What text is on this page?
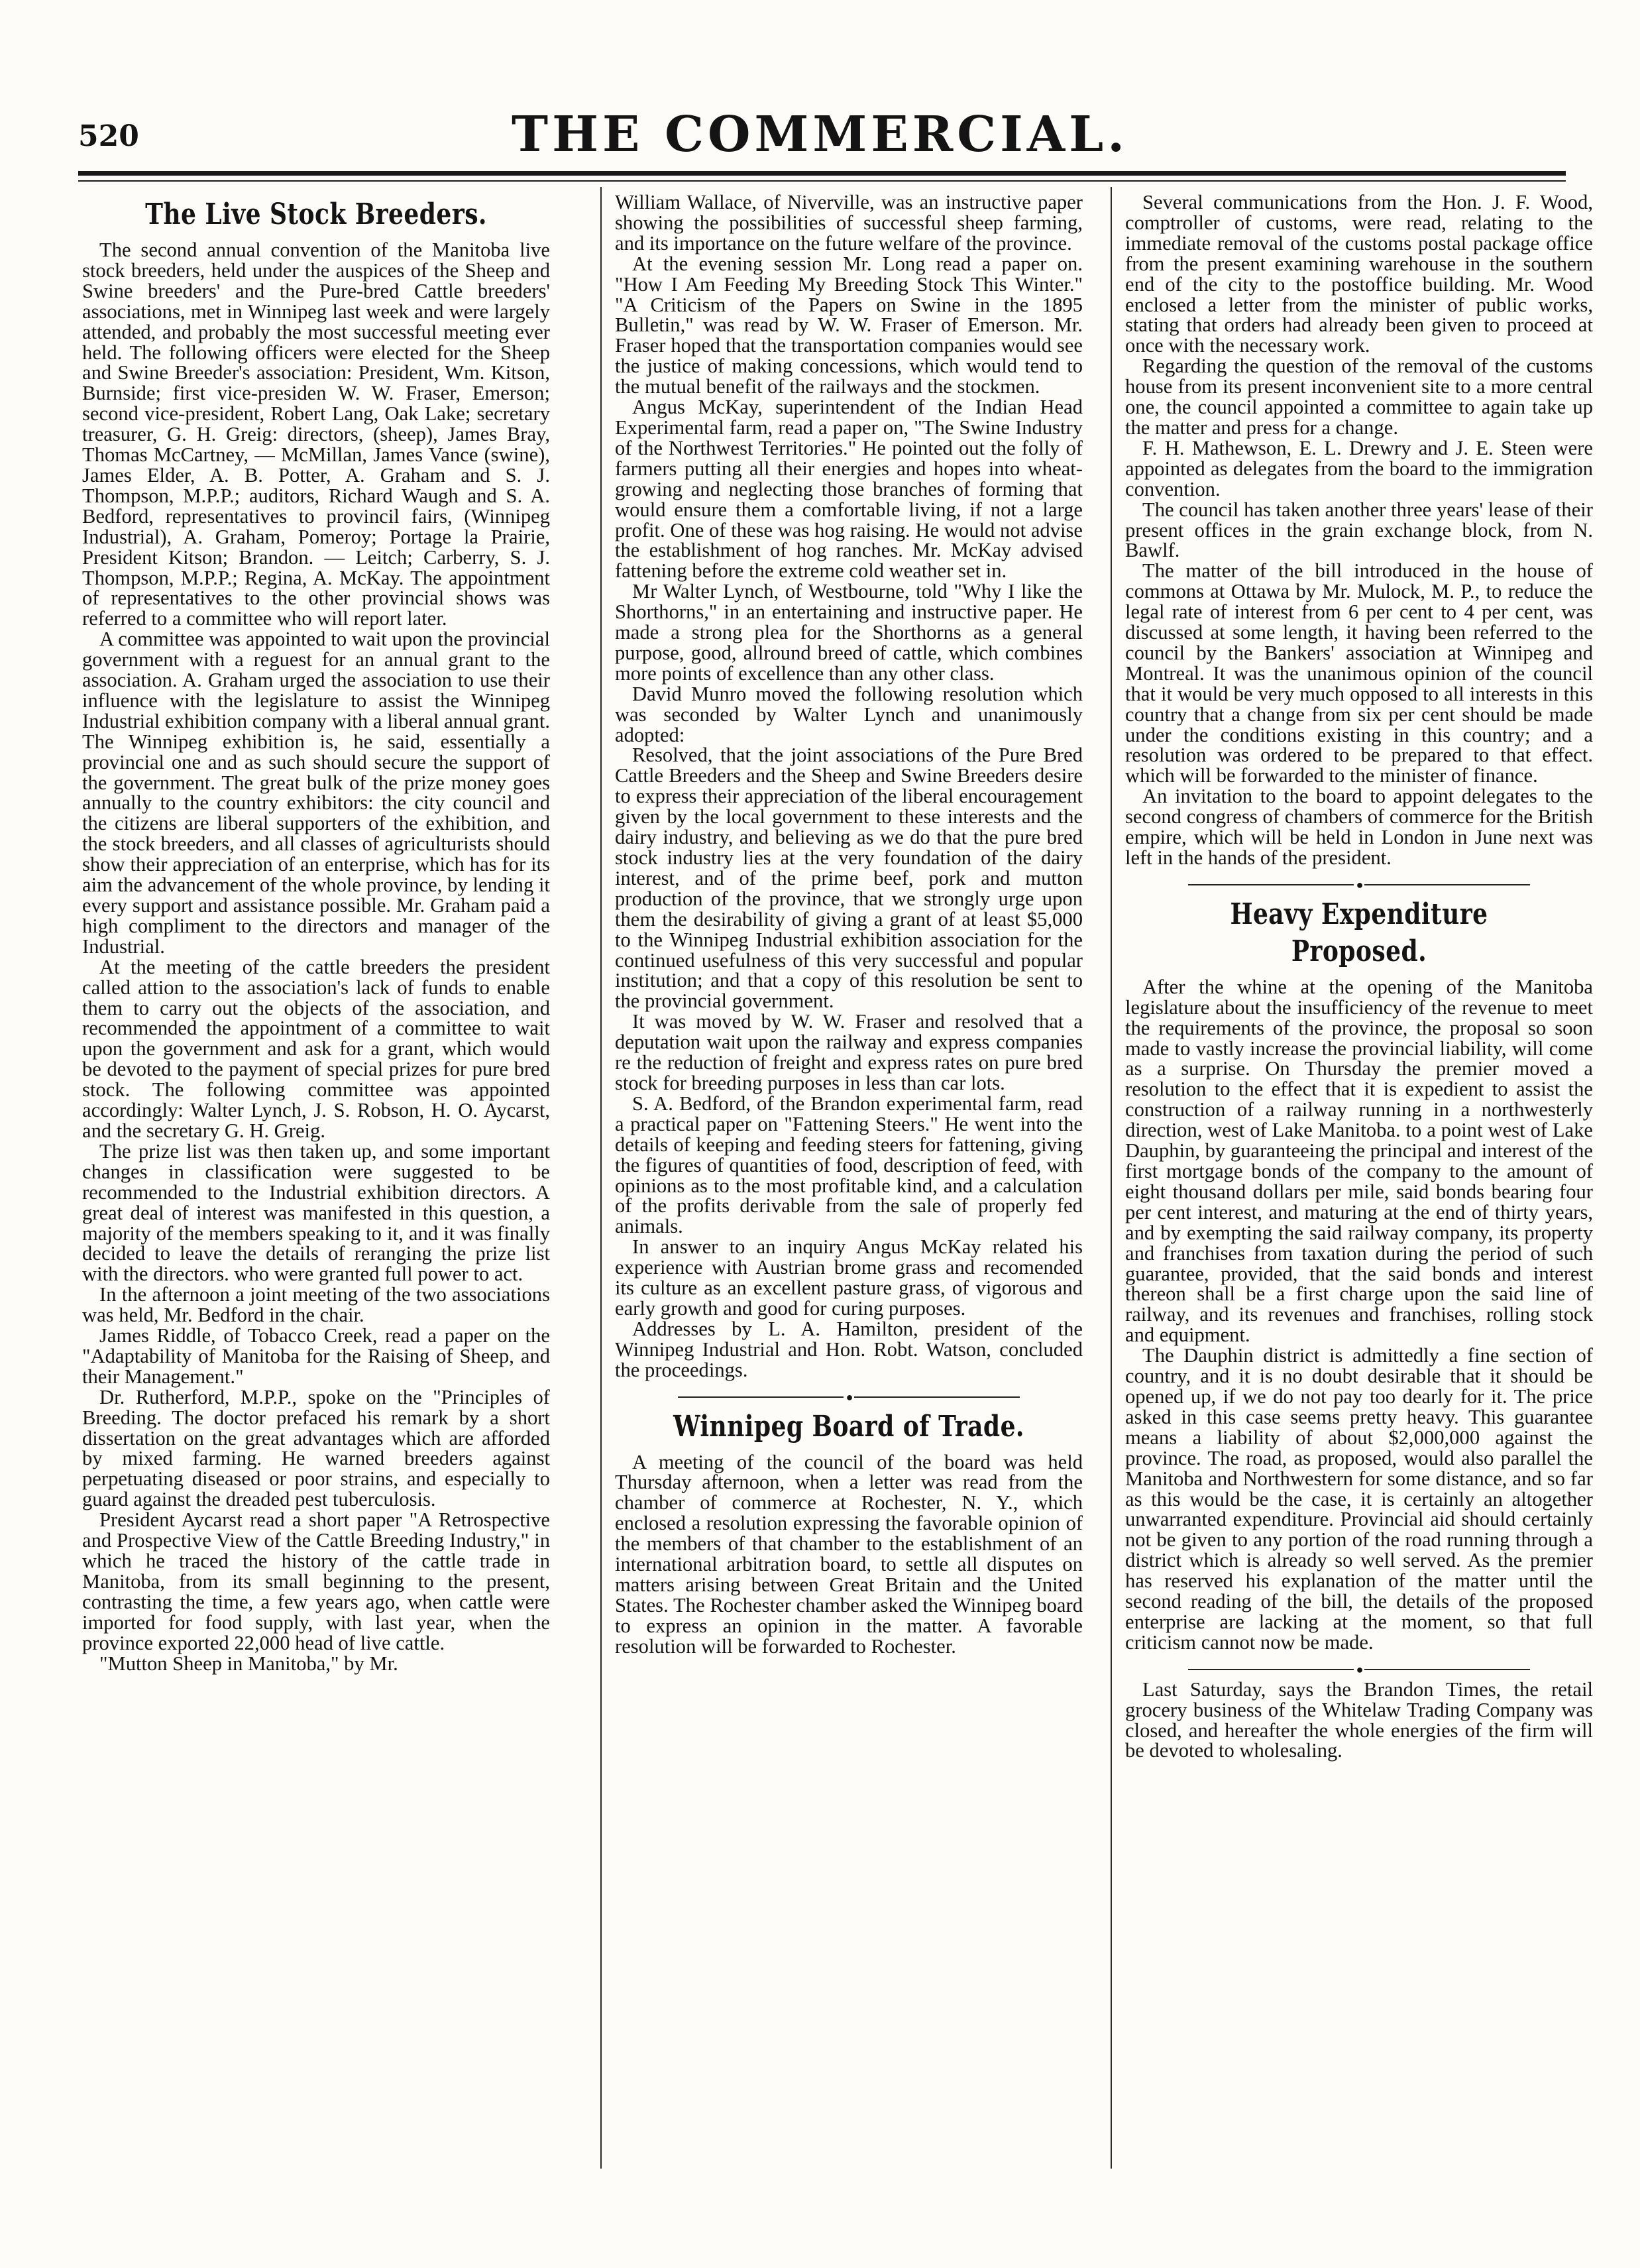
520	THE COMMERCIAL.
The Live Stock Breeders.

The second annual convention of the Manitoba live stock breeders, held under the auspices of the Sheep and Swine breeders' and the Pure-bred Cattle breeders' associations, met in Winnipeg last week and were largely attended, and probably the most successful meeting ever held. The following officers were elected for the Sheep and Swine Breeder's association: President, Wm. Kitson, Burnside; first vice-presiden W. W. Fraser, Emerson; second vice-president, Robert Lang, Oak Lake; secretary treasurer, G. H. Greig: directors, (sheep), James Bray, Thomas McCartney, — McMillan, James Vance (swine), James Elder, A. B. Potter, A. Graham and S. J. Thompson, M.P.P.; auditors, Richard Waugh and S. A. Bedford, representatives to provincil fairs, (Winnipeg Industrial), A. Graham, Pomeroy; Portage la Prairie, President Kitson; Brandon. — Leitch; Carberry, S. J. Thompson, M.P.P.; Regina, A. McKay. The appointment of representatives to the other provincial shows was referred to a committee who will report later.

A committee was appointed to wait upon the provincial government with a reguest for an annual grant to the association. A. Graham urged the association to use their influence with the legislature to assist the Winnipeg Industrial exhibition company with a liberal annual grant. The Winnipeg exhibition is, he said, essentially a provincial one and as such should secure the support of the government. The great bulk of the prize money goes annually to the country exhibitors: the city council and the citizens are liberal supporters of the exhibition, and the stock breeders, and all classes of agriculturists should show their appreciation of an enterprise, which has for its aim the advancement of the whole province, by lending it every support and assistance possible. Mr. Graham paid a high compliment to the directors and manager of the Industrial.

At the meeting of the cattle breeders the president called attion to the association's lack of funds to enable them to carry out the objects of the association, and recommended the appointment of a committee to wait upon the government and ask for a grant, which would be devoted to the payment of special prizes for pure bred stock. The following committee was appointed accordingly: Walter Lynch, J. S. Robson, H. O. Aycarst, and the secretary G. H. Greig.

The prize list was then taken up, and some important changes in classification were suggested to be recommended to the Industrial exhibition directors. A great deal of interest was manifested in this question, a majority of the members speaking to it, and it was finally decided to leave the details of reranging the prize list with the directors. who were granted full power to act.

In the afternoon a joint meeting of the two associations was held, Mr. Bedford in the chair.

James Riddle, of Tobacco Creek, read a paper on the "Adaptability of Manitoba for the Raising of Sheep, and their Management."

Dr. Rutherford, M.P.P., spoke on the "Principles of Breeding. The doctor prefaced his remark by a short dissertation on the great advantages which are afforded by mixed farming. He warned breeders against perpetuating diseased or poor strains, and especially to guard against the dreaded pest tuberculosis.

President Aycarst read a short paper "A Retrospective and Prospective View of the Cattle Breeding Industry," in which he traced the history of the cattle trade in Manitoba, from its small beginning to the present, contrasting the time, a few years ago, when cattle were imported for food supply, with last year, when the province exported 22,000 head of live cattle.

"Mutton Sheep in Manitoba," by Mr.

William Wallace, of Niverville, was an instructive paper showing the possibilities of successful sheep farming, and its importance on the future welfare of the province.

At the evening session Mr. Long read a paper on. "How I Am Feeding My Breeding Stock This Winter." "A Criticism of the Papers on Swine in the 1895 Bulletin," was read by W. W. Fraser of Emerson. Mr. Fraser hoped that the transportation companies would see the justice of making concessions, which would tend to the mutual benefit of the railways and the stockmen.

Angus McKay, superintendent of the Indian Head Experimental farm, read a paper on, "The Swine Industry of the Northwest Territories." He pointed out the folly of farmers putting all their energies and hopes into wheat-growing and neglecting those branches of forming that would ensure them a comfortable living, if not a large profit. One of these was hog raising. He would not advise the establishment of hog ranches. Mr. McKay advised fattening before the extreme cold weather set in.

Mr Walter Lynch, of Westbourne, told "Why I like the Shorthorns," in an entertaining and instructive paper. He made a strong plea for the Shorthorns as a general purpose, good, allround breed of cattle, which combines more points of excellence than any other class.

David Munro moved the following resolution which was seconded by Walter Lynch and unanimously adopted:

Resolved, that the joint associations of the Pure Bred Cattle Breeders and the Sheep and Swine Breeders desire to express their appreciation of the liberal encouragement given by the local government to these interests and the dairy industry, and believing as we do that the pure bred stock industry lies at the very foundation of the dairy interest, and of the prime beef, pork and mutton production of the province, that we strongly urge upon them the desirability of giving a grant of at least $5,000 to the Winnipeg Industrial exhibition association for the continued usefulness of this very successful and popular institution; and that a copy of this resolution be sent to the provincial government.

It was moved by W. W. Fraser and resolved that a deputation wait upon the railway and express companies re the reduction of freight and express rates on pure bred stock for breeding purposes in less than car lots.

S. A. Bedford, of the Brandon experimental farm, read a practical paper on "Fattening Steers." He went into the details of keeping and feeding steers for fattening, giving the figures of quantities of food, description of feed, with opinions as to the most profitable kind, and a calculation of the profits derivable from the sale of properly fed animals.

In answer to an inquiry Angus McKay related his experience with Austrian brome grass and recomended its culture as an excellent pasture grass, of vigorous and early growth and good for curing purposes.

Addresses by L. A. Hamilton, president of the Winnipeg Industrial and Hon. Robt. Watson, concluded the proceedings.

●
Winnipeg Board of Trade.

A meeting of the council of the board was held Thursday afternoon, when a letter was read from the chamber of commerce at Rochester, N. Y., which enclosed a resolution expressing the favorable opinion of the members of that chamber to the establishment of an international arbitration board, to settle all disputes on matters arising between Great Britain and the United States. The Rochester chamber asked the Winnipeg board to express an opinion in the matter. A favorable resolution will be forwarded to Rochester.

Several communications from the Hon. J. F. Wood, comptroller of customs, were read, relating to the immediate removal of the customs postal package office from the present examining warehouse in the southern end of the city to the postoffice building. Mr. Wood enclosed a letter from the minister of public works, stating that orders had already been given to proceed at once with the necessary work.

Regarding the question of the removal of the customs house from its present inconvenient site to a more central one, the council appointed a committee to again take up the matter and press for a change.

F. H. Mathewson, E. L. Drewry and J. E. Steen were appointed as delegates from the board to the immigration convention.

The council has taken another three years' lease of their present offices in the grain exchange block, from N. Bawlf.

The matter of the bill introduced in the house of commons at Ottawa by Mr. Mulock, M. P., to reduce the legal rate of interest from 6 per cent to 4 per cent, was discussed at some length, it having been referred to the council by the Bankers' association at Winnipeg and Montreal. It was the unanimous opinion of the council that it would be very much opposed to all interests in this country that a change from six per cent should be made under the conditions existing in this country; and a resolution was ordered to be prepared to that effect. which will be forwarded to the minister of finance.

An invitation to the board to appoint delegates to the second congress of chambers of commerce for the British empire, which will be held in London in June next was left in the hands of the president.

●
Heavy Expenditure Proposed.

After the whine at the opening of the Manitoba legislature about the insufficiency of the revenue to meet the requirements of the province, the proposal so soon made to vastly increase the provincial liability, will come as a surprise. On Thursday the premier moved a resolution to the effect that it is expedient to assist the construction of a railway running in a northwesterly direction, west of Lake Manitoba. to a point west of Lake Dauphin, by guaranteeing the principal and interest of the first mortgage bonds of the company to the amount of eight thousand dollars per mile, said bonds bearing four per cent interest, and maturing at the end of thirty years, and by exempting the said railway company, its property and franchises from taxation during the period of such guarantee, provided, that the said bonds and interest thereon shall be a first charge upon the said line of railway, and its revenues and franchises, rolling stock and equipment.

The Dauphin district is admittedly a fine section of country, and it is no doubt desirable that it should be opened up, if we do not pay too dearly for it. The price asked in this case seems pretty heavy. This guarantee means a liability of about $2,000,000 against the province. The road, as proposed, would also parallel the Manitoba and Northwestern for some distance, and so far as this would be the case, it is certainly an altogether unwarranted expenditure. Provincial aid should certainly not be given to any portion of the road running through a district which is already so well served. As the premier has reserved his explanation of the matter until the second reading of the bill, the details of the proposed enterprise are lacking at the moment, so that full criticism cannot now be made.

●

Last Saturday, says the Brandon Times, the retail grocery business of the Whitelaw Trading Company was closed, and hereafter the whole energies of the firm will be devoted to wholesaling.
